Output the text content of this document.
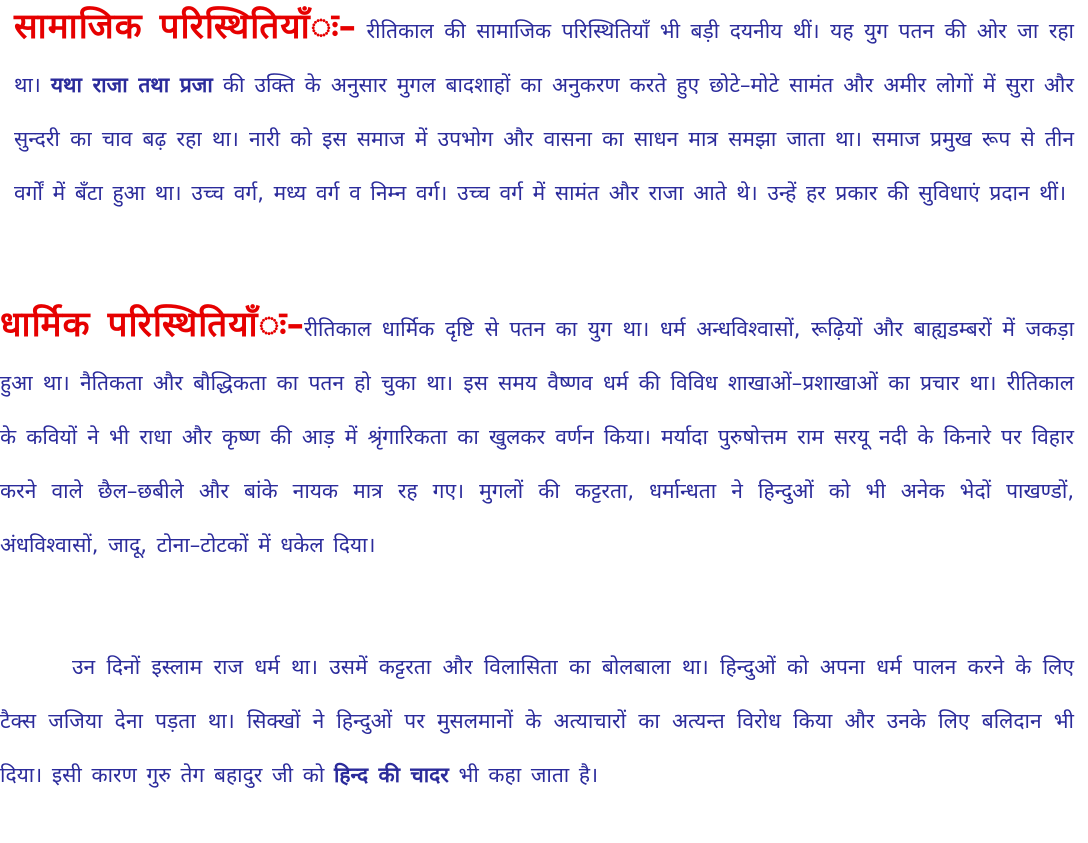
सामाजिक परिस्थितियाँः– रीतिकाल की सामाजिक परिस्थितियाँ भी बड़ी दयनीय थीं। यह युग पतन की ओर जा रहा था। यथा राजा तथा प्रजा की उक्ति के अनुसार मुगल बादशाहों का अनुकरण करते हुए छोटे–मोटे सामंत और अमीर लोगों में सुरा और सुन्दरी का चाव बढ़ रहा था। नारी को इस समाज में उपभोग और वासना का साधन मात्र समझा जाता था। समाज प्रमुख रूप से तीन वर्गों में बँटा हुआ था। उच्च वर्ग, मध्य वर्ग व निम्न वर्ग। उच्च वर्ग में सामंत और राजा आते थे। उन्हें हर प्रकार की सुविधाएं प्रदान थीं।

धार्मिक परिस्थितियाँः–रीतिकाल धार्मिक दृष्टि से पतन का युग था। धर्म अन्धविश्वासों, रूढ़ियों और बाह्यडम्बरों में जकड़ा हुआ था। नैतिकता और बौद्धिकता का पतन हो चुका था। इस समय वैष्णव धर्म की विविध शाखाओं–प्रशाखाओं का प्रचार था। रीतिकाल के कवियों ने भी राधा और कृष्ण की आड़ में श्रृंगारिकता का खुलकर वर्णन किया। मर्यादा पुरुषोत्तम राम सरयू नदी के किनारे पर विहार करने वाले छैल–छबीले और बांके नायक मात्र रह गए। मुगलों की कट्टरता, धर्मान्धता ने हिन्दुओं को भी अनेक भेदों पाखण्डों, अंधविश्वासों, जादू, टोना–टोटकों में धकेल दिया।

उन दिनों इस्लाम राज धर्म था। उसमें कट्टरता और विलासिता का बोलबाला था। हिन्दुओं को अपना धर्म पालन करने के लिए टैक्स जजिया देना पड़ता था। सिक्खों ने हिन्दुओं पर मुसलमानों के अत्याचारों का अत्यन्त विरोध किया और उनके लिए बलिदान भी दिया। इसी कारण गुरु तेग बहादुर जी को हिन्द की चादर भी कहा जाता है।
